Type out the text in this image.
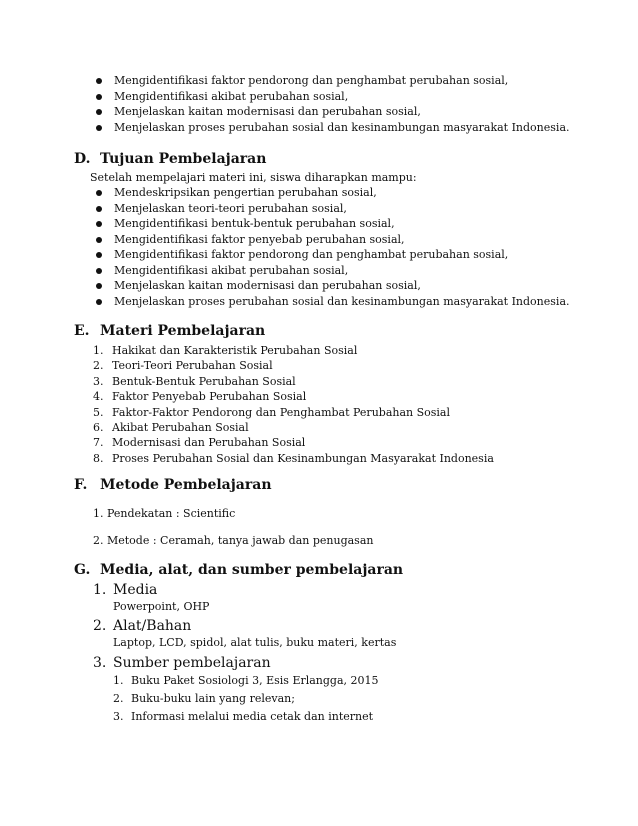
Mengidentifikasi faktor pendorong dan penghambat perubahan sosial,
Mengidentifikasi akibat perubahan sosial,
Menjelaskan kaitan modernisasi dan perubahan sosial,
Menjelaskan proses perubahan sosial dan kesinambungan masyarakat Indonesia.
D. Tujuan Pembelajaran
Setelah mempelajari materi ini, siswa diharapkan mampu:
Mendeskripsikan pengertian perubahan sosial,
Menjelaskan teori-teori perubahan sosial,
Mengidentifikasi bentuk-bentuk perubahan sosial,
Mengidentifikasi faktor penyebab perubahan sosial,
Mengidentifikasi faktor pendorong dan penghambat perubahan sosial,
Mengidentifikasi akibat perubahan sosial,
Menjelaskan kaitan modernisasi dan perubahan sosial,
Menjelaskan proses perubahan sosial dan kesinambungan masyarakat Indonesia.
E. Materi Pembelajaran
1. Hakikat dan Karakteristik Perubahan Sosial
2. Teori-Teori Perubahan Sosial
3. Bentuk-Bentuk Perubahan Sosial
4. Faktor Penyebab Perubahan Sosial
5. Faktor-Faktor Pendorong dan Penghambat Perubahan Sosial
6. Akibat Perubahan Sosial
7. Modernisasi dan Perubahan Sosial
8. Proses Perubahan Sosial dan Kesinambungan Masyarakat Indonesia
F. Metode Pembelajaran
1. Pendekatan : Scientific
2. Metode : Ceramah, tanya jawab dan penugasan
G. Media, alat, dan sumber pembelajaran
1. Media
Powerpoint, OHP
2. Alat/Bahan
Laptop, LCD, spidol, alat tulis, buku materi, kertas
3. Sumber pembelajaran
1. Buku Paket Sosiologi 3, Esis Erlangga, 2015
2. Buku-buku lain yang relevan;
3. Informasi melalui media cetak dan internet
